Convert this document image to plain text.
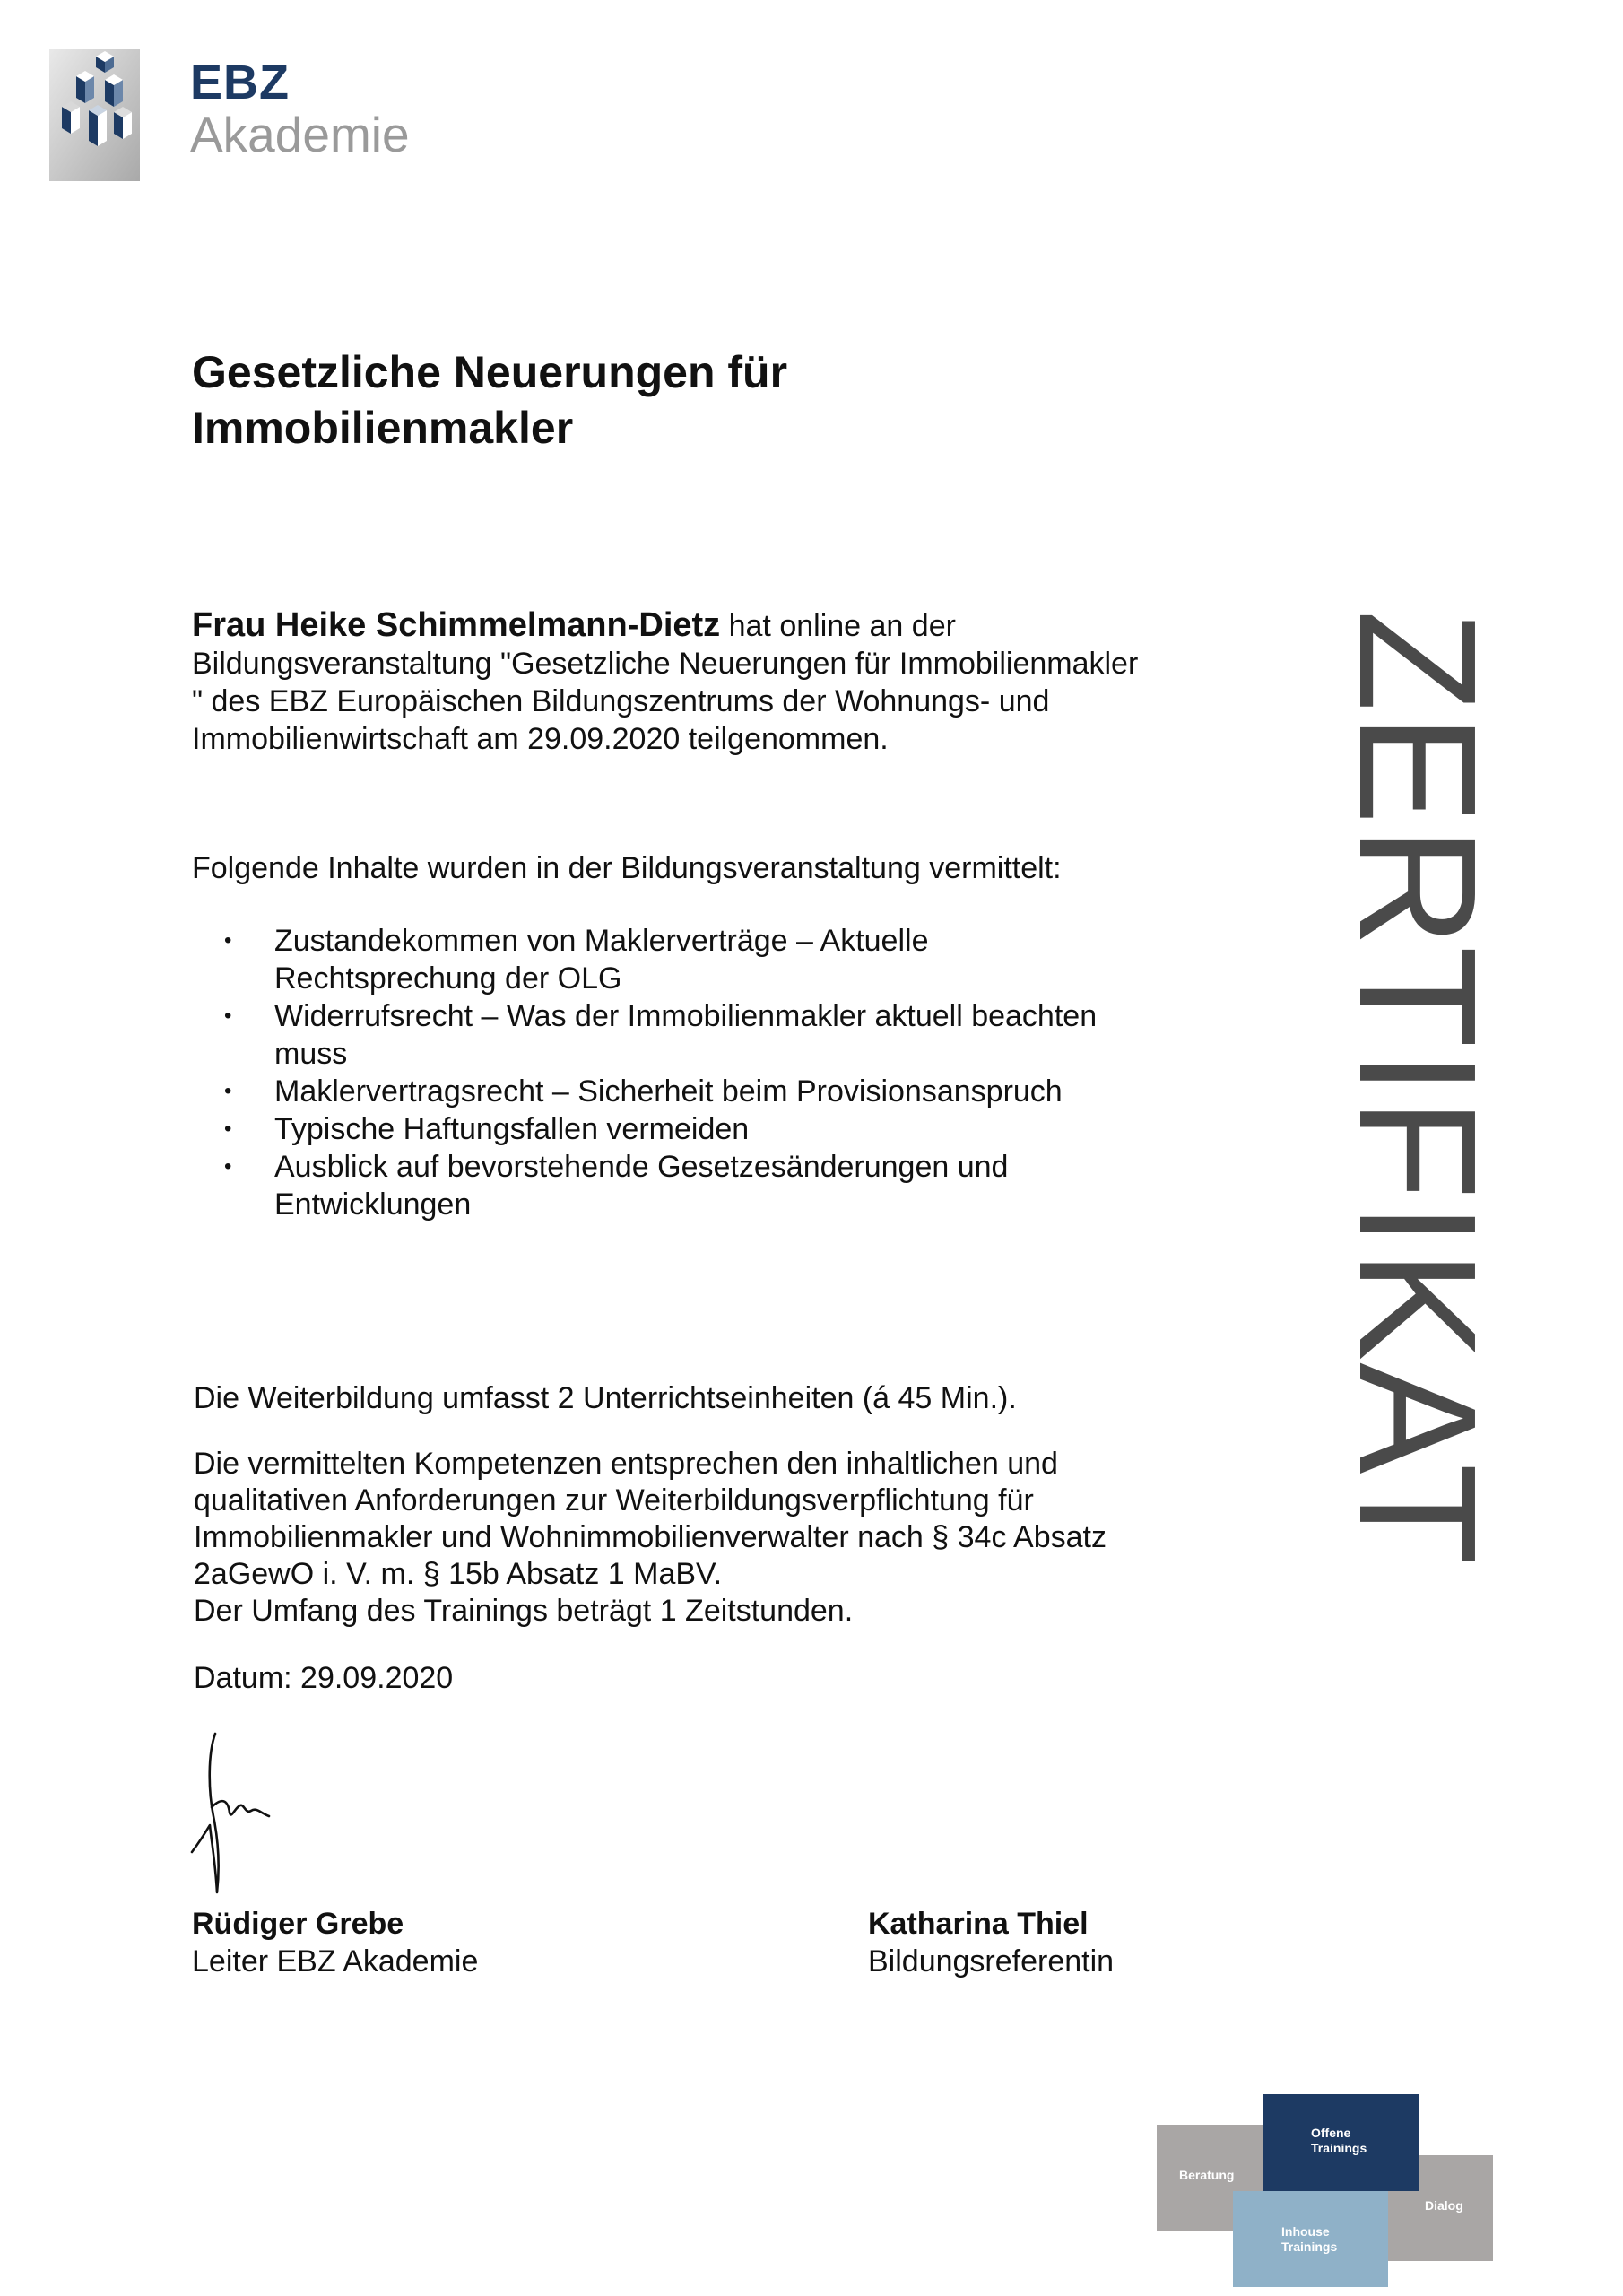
EBZ
Akademie
Gesetzliche Neuerungen für
Immobilienmakler
Frau Heike Schimmelmann-Dietz hat online an der
Bildungsveranstaltung "Gesetzliche Neuerungen für Immobilienmakler
" des EBZ Europäischen Bildungszentrums der Wohnungs- und
Immobilienwirtschaft am 29.09.2020 teilgenommen.
Folgende Inhalte wurden in der Bildungsveranstaltung vermittelt:
• Zustandekommen von Maklerverträge – Aktuelle
Rechtsprechung der OLG
• Widerrufsrecht – Was der Immobilienmakler aktuell beachten
muss
• Maklervertragsrecht – Sicherheit beim Provisionsanspruch
• Typische Haftungsfallen vermeiden
• Ausblick auf bevorstehende Gesetzesänderungen und
Entwicklungen
Die Weiterbildung umfasst 2 Unterrichtseinheiten (á 45 Min.).
Die vermittelten Kompetenzen entsprechen den inhaltlichen und
qualitativen Anforderungen zur Weiterbildungsverpflichtung für
Immobilienmakler und Wohnimmobilienverwalter nach § 34c Absatz
2aGewO i. V. m. § 15b Absatz 1 MaBV.
Der Umfang des Trainings beträgt 1 Zeitstunden.
Datum: 29.09.2020
Rüdiger Grebe
Leiter EBZ Akademie
Katharina Thiel
Bildungsreferentin
ZERTIFIKAT
Beratung
Dialog
Offene
Trainings
Inhouse
Trainings
